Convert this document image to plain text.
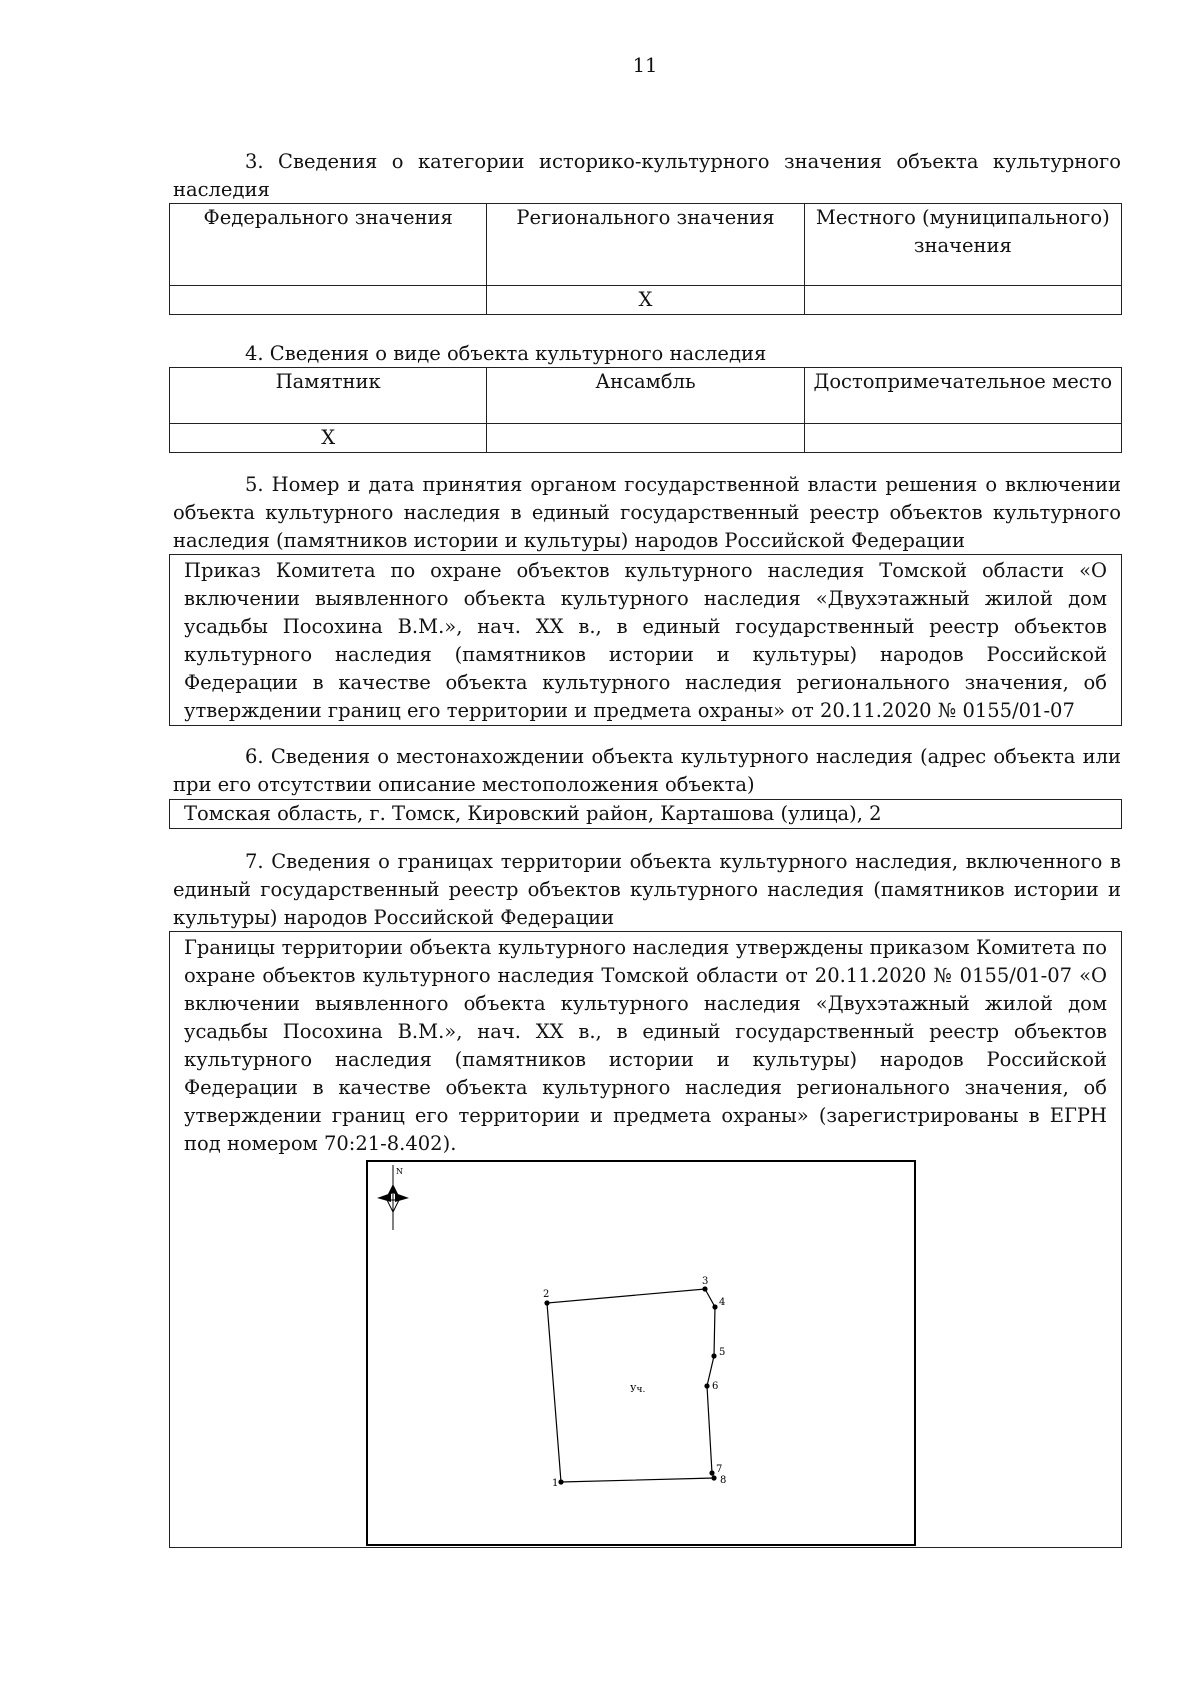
11
3. Сведения о категории историко-культурного значения объекта культурного наследия
Федерального значения	Регионального значения	Местного (муниципального) значения
	X	
4. Сведения о виде объекта культурного наследия
Памятник	Ансамбль	Достопримечательное место
X		
5. Номер и дата принятия органом государственной власти решения о включении объекта культурного наследия в единый государственный реестр объектов культурного наследия (памятников истории и культуры) народов Российской Федерации
Приказ Комитета по охране объектов культурного наследия Томской области «О включении выявленного объекта культурного наследия «Двухэтажный жилой дом усадьбы Посохина В.М.», нач. XX в., в единый государственный реестр объектов культурного наследия (памятников истории и культуры) народов Российской Федерации в качестве объекта культурного наследия регионального значения, об утверждении границ его территории и предмета охраны» от 20.11.2020 № 0155/01-07
6. Сведения о местонахождении объекта культурного наследия (адрес объекта или при его отсутствии описание местоположения объекта)
Томская область, г. Томск, Кировский район, Карташова (улица), 2
7. Сведения о границах территории объекта культурного наследия, включенного в единый государственный реестр объектов культурного наследия (памятников истории и культуры) народов Российской Федерации
Границы территории объекта культурного наследия утверждены приказом Комитета по охране объектов культурного наследия Томской области от 20.11.2020 № 0155/01-07 «О включении выявленного объекта культурного наследия «Двухэтажный жилой дом усадьбы Посохина В.М.», нач. XX в., в единый государственный реестр объектов культурного наследия (памятников истории и культуры) народов Российской Федерации в качестве объекта культурного наследия регионального значения, об утверждении границ его территории и предмета охраны» (зарегистрированы в ЕГРН под номером 70:21-8.402).
N
1
2
3
4
5
6
7
8
Уч.
